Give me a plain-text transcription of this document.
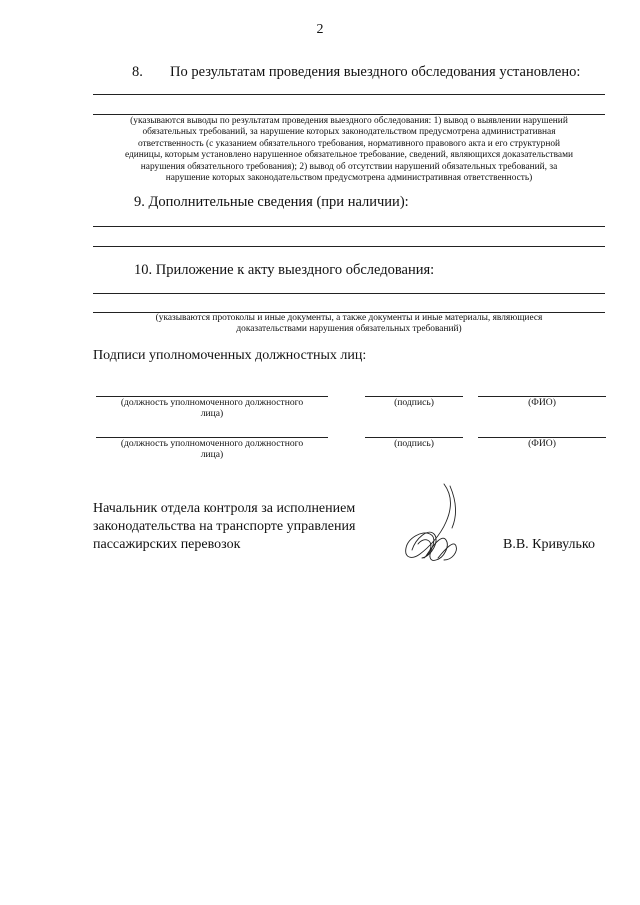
2
8. По результатам проведения выездного обследования установлено:
(указываются выводы по результатам проведения выездного обследования: 1) вывод о выявлении нарушений
обязательных требований, за нарушение которых законодательством предусмотрена административная
ответственность (с указанием обязательного требования, нормативного правового акта и его структурной
единицы, которым установлено нарушенное обязательное требование, сведений, являющихся доказательствами
нарушения обязательного требования); 2) вывод об отсутствии нарушений обязательных требований, за
нарушение которых законодательством предусмотрена административная ответственность)
9. Дополнительные сведения (при наличии):
10. Приложение к акту выездного обследования:
(указываются протоколы и иные документы, а также документы и иные материалы, являющиеся
доказательствами нарушения обязательных требований)
Подписи уполномоченных должностных лиц:
(должность уполномоченного должностного
лица)
(подпись)	(ФИО)
(должность уполномоченного должностного
лица)
(подпись)	(ФИО)
Начальник отдела контроля за исполнением
законодательства на транспорте управления
пассажирских перевозок	В.В. Кривулько
